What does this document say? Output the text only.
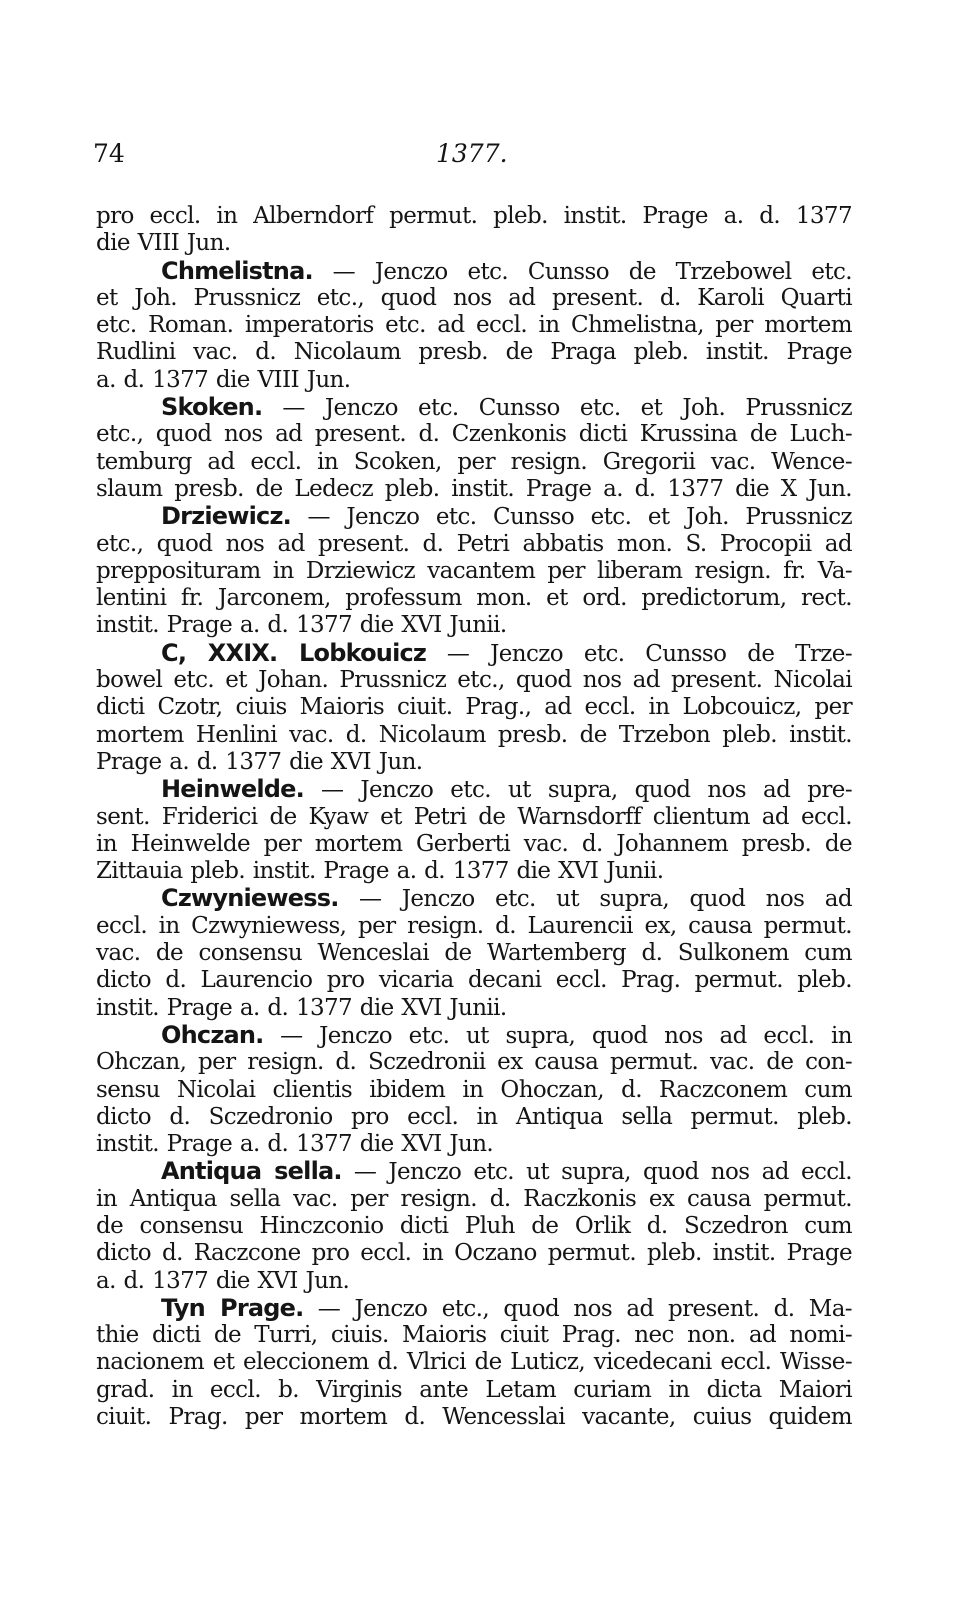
74	1377.

pro eccl. in Alberndorf permut. pleb. instit. Prage a. d. 1377
die VIII Jun.
Chmelistna. — Jenczo etc. Cunsso de Trzebowel etc.
et Joh. Prussnicz etc., quod nos ad present. d. Karoli Quarti
etc. Roman. imperatoris etc. ad eccl. in Chmelistna, per mortem
Rudlini vac. d. Nicolaum presb. de Praga pleb. instit. Prage
a. d. 1377 die VIII Jun.
Skoken. — Jenczo etc. Cunsso etc. et Joh. Prussnicz
etc., quod nos ad present. d. Czenkonis dicti Krussina de Luch-
temburg ad eccl. in Scoken, per resign. Gregorii vac. Wence-
slaum presb. de Ledecz pleb. instit. Prage a. d. 1377 die X Jun.
Drziewicz. — Jenczo etc. Cunsso etc. et Joh. Prussnicz
etc., quod nos ad present. d. Petri abbatis mon. S. Procopii ad
prepposituram in Drziewicz vacantem per liberam resign. fr. Va-
lentini fr. Jarconem, professum mon. et ord. predictorum, rect.
instit. Prage a. d. 1377 die XVI Junii.
C, XXIX. Lobkouicz — Jenczo etc. Cunsso de Trze-
bowel etc. et Johan. Prussnicz etc., quod nos ad present. Nicolai
dicti Czotr, ciuis Maioris ciuit. Prag., ad eccl. in Lobcouicz, per
mortem Henlini vac. d. Nicolaum presb. de Trzebon pleb. instit.
Prage a. d. 1377 die XVI Jun.
Heinwelde. — Jenczo etc. ut supra, quod nos ad pre-
sent. Friderici de Kyaw et Petri de Warnsdorff clientum ad eccl.
in Heinwelde per mortem Gerberti vac. d. Johannem presb. de
Zittauia pleb. instit. Prage a. d. 1377 die XVI Junii.
Czwyniewess. — Jenczo etc. ut supra, quod nos ad
eccl. in Czwyniewess, per resign. d. Laurencii ex, causa permut.
vac. de consensu Wenceslai de Wartemberg d. Sulkonem cum
dicto d. Laurencio pro vicaria decani eccl. Prag. permut. pleb.
instit. Prage a. d. 1377 die XVI Junii.
Ohczan. — Jenczo etc. ut supra, quod nos ad eccl. in
Ohczan, per resign. d. Sczedronii ex causa permut. vac. de con-
sensu Nicolai clientis ibidem in Ohoczan, d. Raczconem cum
dicto d. Sczedronio pro eccl. in Antiqua sella permut. pleb.
instit. Prage a. d. 1377 die XVI Jun.
Antiqua sella. — Jenczo etc. ut supra, quod nos ad eccl.
in Antiqua sella vac. per resign. d. Raczkonis ex causa permut.
de consensu Hinczconio dicti Pluh de Orlik d. Sczedron cum
dicto d. Raczcone pro eccl. in Oczano permut. pleb. instit. Prage
a. d. 1377 die XVI Jun.
Tyn Prage. — Jenczo etc., quod nos ad present. d. Ma-
thie dicti de Turri, ciuis. Maioris ciuit Prag. nec non. ad nomi-
nacionem et eleccionem d. Vlrici de Luticz, vicedecani eccl. Wisse-
grad. in eccl. b. Virginis ante Letam curiam in dicta Maiori
ciuit. Prag. per mortem d. Wencesslai vacante, cuius quidem
